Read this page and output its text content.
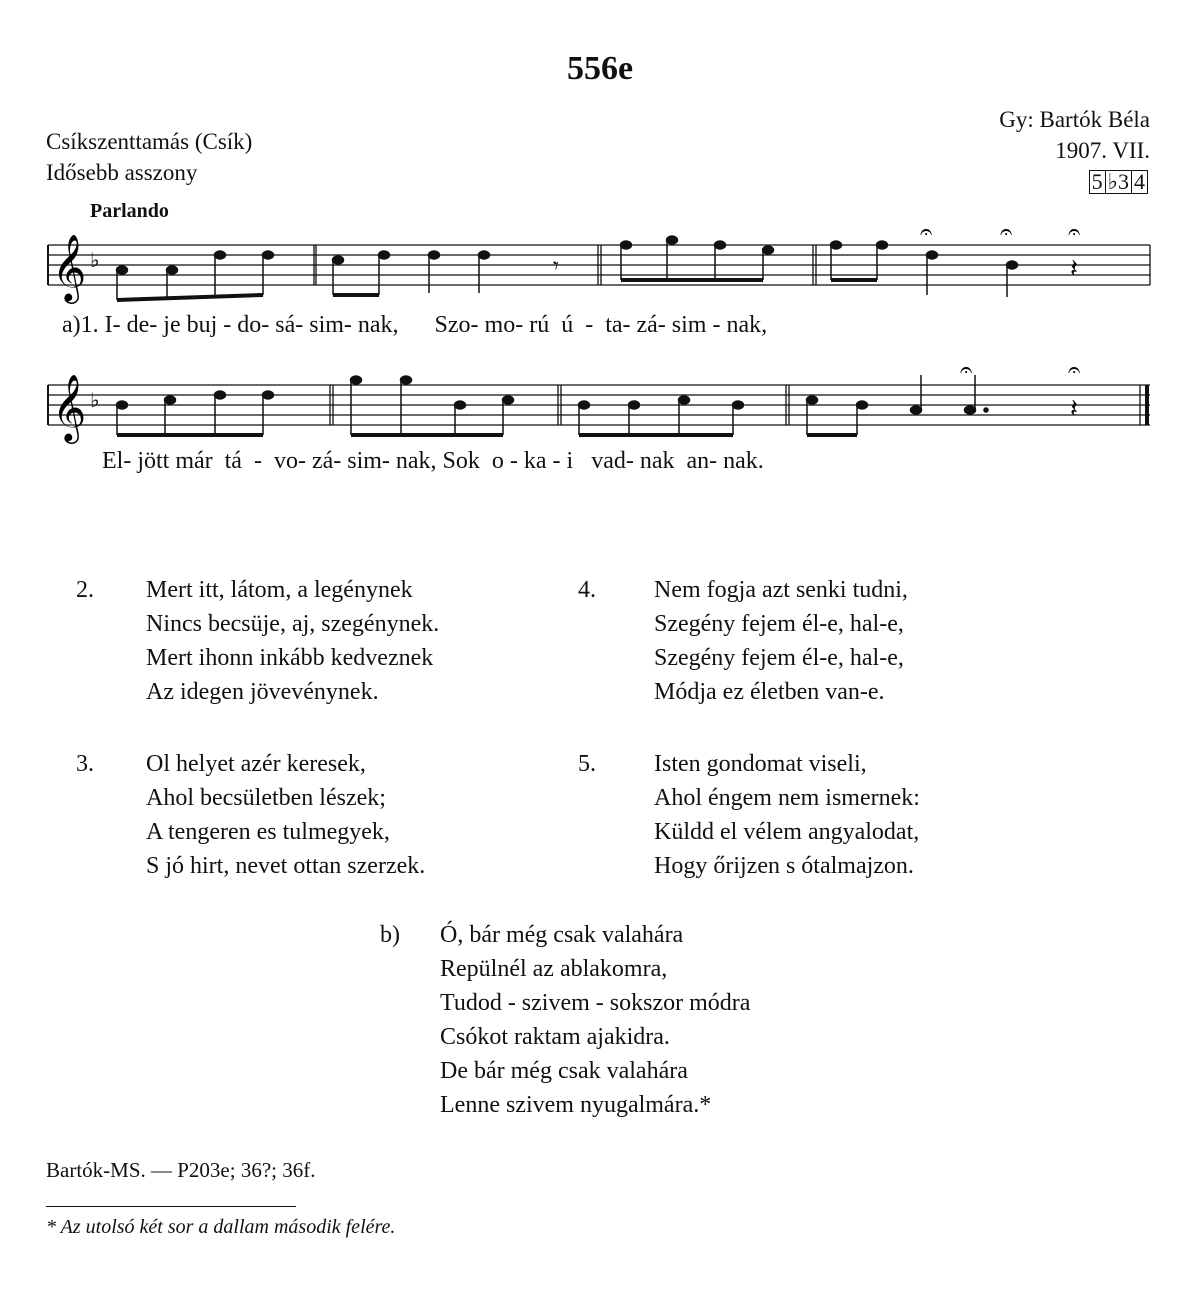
556e
Csíkszenttamás (Csík)
Idősebb asszony
Gy: Bartók Béla
1907. VII.
5 ♭3 4
Parlando
𝄞 ♭	𝄾	𝄽
𝄐	𝄐	𝄐
a)1. I- de- je buj - do- sá- sim- nak,      Szo- mo- rú  ú  -  ta- zá- sim - nak,
𝄞 ♭	𝄽
𝄐	𝄐
El- jött már  tá  -  vo- zá- sim- nak, Sok  o - ka - i   vad- nak  an- nak.
2. Mert itt, látom, a legénynek
Nincs becsüje, aj, szegénynek.
Mert ihonn inkább kedveznek
Az idegen jövevénynek.
3. Ol helyet azér keresek,
Ahol becsületben lészek;
A tengeren es tulmegyek,
S jó hirt, nevet ottan szerzek.
4. Nem fogja azt senki tudni,
Szegény fejem él-e, hal-e,
Szegény fejem él-e, hal-e,
Módja ez életben van-e.
5. Isten gondomat viseli,
Ahol éngem nem ismernek:
Küldd el vélem angyalodat,
Hogy őrijzen s ótalmajzon.
b) Ó, bár még csak valahára
Repülnél az ablakomra,
Tudod - szivem - sokszor módra
Csókot raktam ajakidra.
De bár még csak valahára
Lenne szivem nyugalmára.*
Bartók-MS. — P203e; 36?; 36f.
* Az utolsó két sor a dallam második felére.
